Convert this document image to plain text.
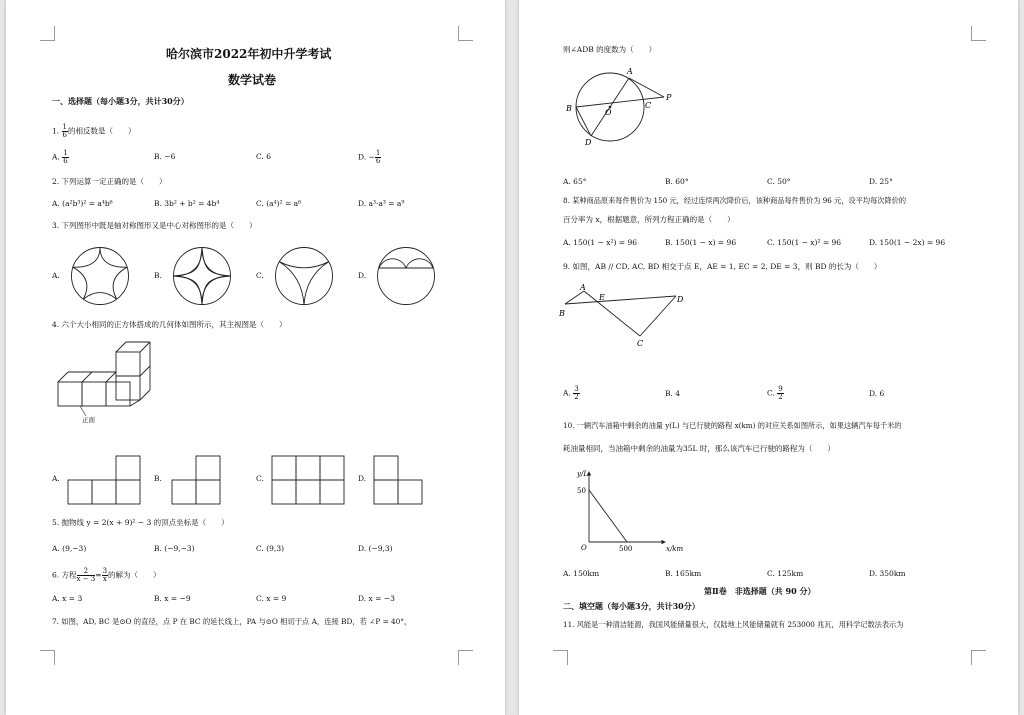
哈尔滨市2022年初中升学考试
数学试卷
一、选择题（每小题3分，共计30分）
1. $\frac{1}{6}$ 的相反数是（　　）
A. $\frac{1}{6}$	B. −6	C. 6	D. − $\frac{1}{6}$
2. 下列运算一定正确的是（　　）
A. (a²b³)² = a⁴b⁶	B. 3b² + b² = 4b⁴	C. (a⁴)² = a⁶	D. a³·a³ = a⁹
3. 下列图形中既是轴对称图形又是中心对称图形的是（　　）
A.	B.	C.	D.
4. 六个大小相同的正方体搭成的几何体如图所示，其主视图是（　　）
正面
A.	B.	C.	D.
5. 抛物线 y = 2(x + 9)² − 3 的顶点坐标是（　　）
A. (9,−3)	B. (−9,−3)	C. (9,3)	D. (−9,3)
6. 方程 $\frac{2}{x - 3} = \frac{3}{x}$ 的解为（　　）
A. x = 3	B. x = −9	C. x = 9	D. x = −3
7. 如图，AD, BC 是⊙O 的直径，点 P 在 BC 的延长线上，PA 与⊙O 相切于点 A，连接 BD，若 ∠P = 40°，
则∠ADB 的度数为（　　）
A
B	C
D
O
P
A. 65°	B. 60°	C. 50°	D. 25°
8. 某种商品原来每件售价为 150 元，经过连续两次降价后，该种商品每件售价为 96 元，设平均每次降价的
百分率为 x，根据题意，所列方程正确的是（　　）
A. 150(1 − x²) = 96	B. 150(1 − x) = 96	C. 150(1 − x)² = 96	D. 150(1 − 2x) = 96
9. 如图，AB // CD, AC, BD 相交于点 E，AE = 1, EC = 2, DE = 3，则 BD 的长为（　　）
A
B
C
D
E
A. $\frac{3}{2}$	B. 4	C. $\frac{9}{2}$	D. 6
10. 一辆汽车油箱中剩余的油量 y(L) 与已行驶的路程 x(km) 的对应关系如图所示，如果这辆汽车每千米的
耗油量相同，当油箱中剩余的油量为35L 时，那么该汽车已行驶的路程为（　　）
y/L
x/km
O
50
500
A. 150km	B. 165km	C. 125km	D. 350km
第Ⅱ卷　非选择题（共 90 分）
二、填空题（每小题3分，共计30分）
11. 风能是一种清洁能源，我国风能储量很大，仅陆地上风能储量就有 253000 兆瓦，用科学记数法表示为
